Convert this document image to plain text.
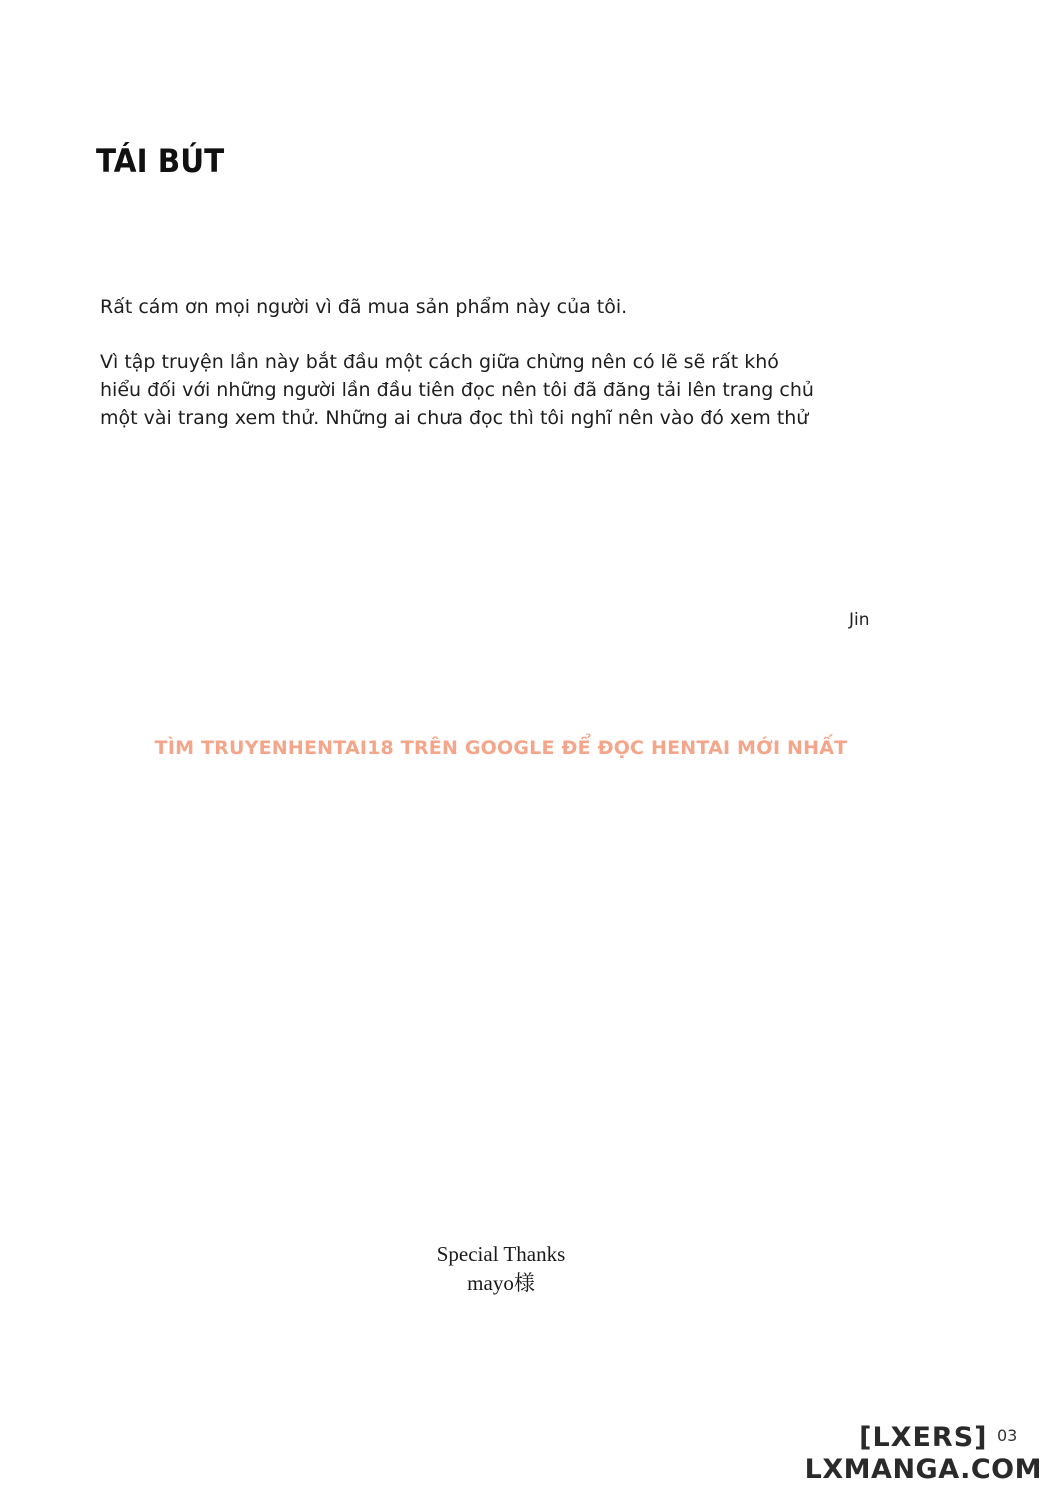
TÁI BÚT
Rất cám ơn mọi người vì đã mua sản phẩm này của tôi.
Vì tập truyện lần này bắt đầu một cách giữa chừng nên có lẽ sẽ rất khó
hiểu đối với những người lần đầu tiên đọc nên tôi đã đăng tải lên trang chủ
một vài trang xem thử. Những ai chưa đọc thì tôi nghĩ nên vào đó xem thử
Jin
TÌM TRUYENHENTAI18 TRÊN GOOGLE ĐỂ ĐỌC HENTAI MỚI NHẤT
Special Thanks
mayo様
[LXERS]
LXMANGA.COM
03
